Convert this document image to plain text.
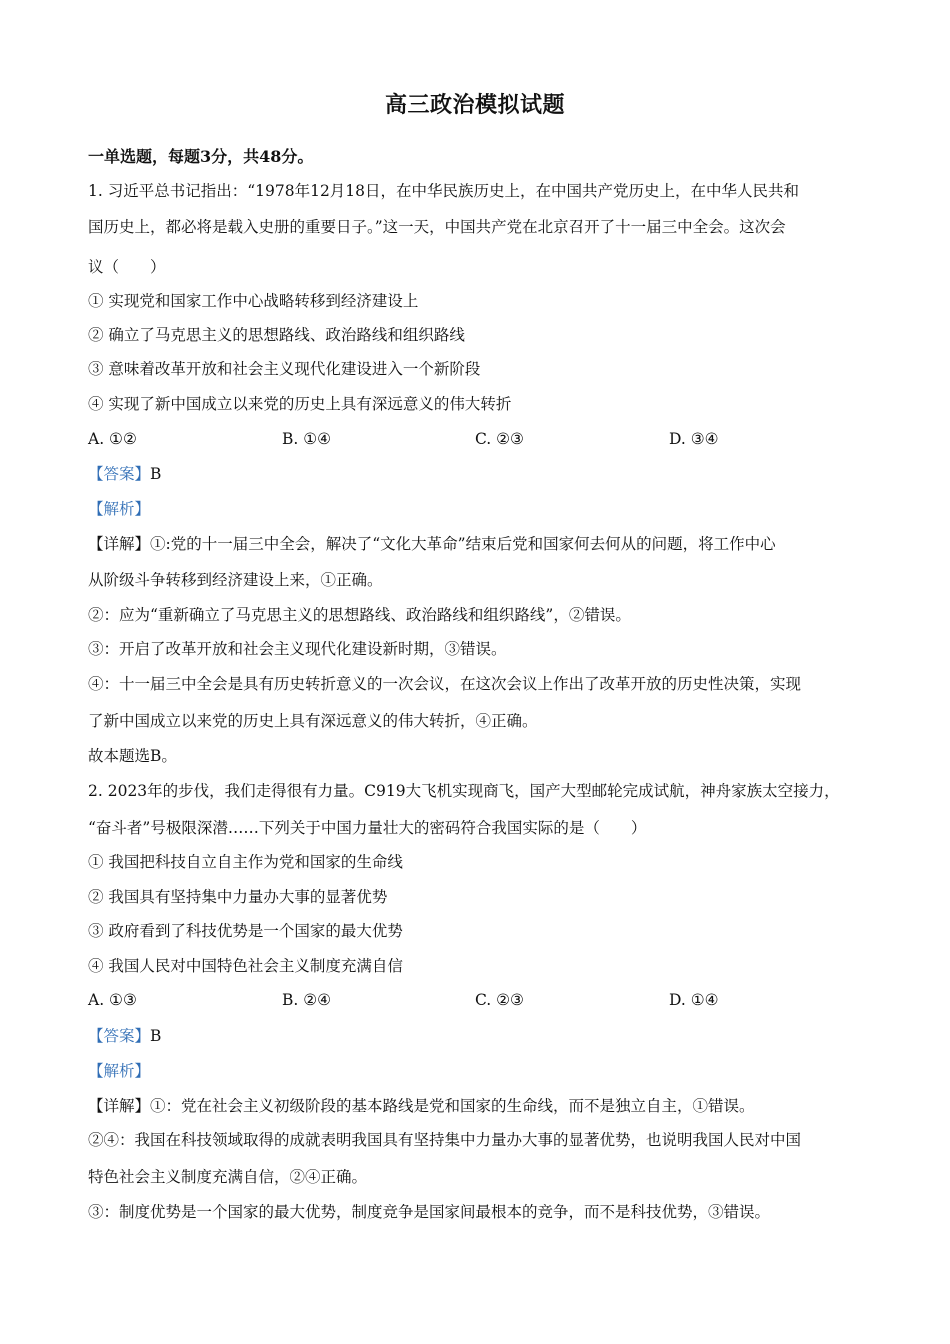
高三政治模拟试题
一单选题，每题3分，共48分。
1. 习近平总书记指出：“1978年12月18日，在中华民族历史上，在中国共产党历史上，在中华人民共和
国历史上，都必将是载入史册的重要日子。”这一天，中国共产党在北京召开了十一届三中全会。这次会
议（　　）
① 实现党和国家工作中心战略转移到经济建设上
② 确立了马克思主义的思想路线、政治路线和组织路线
③ 意味着改革开放和社会主义现代化建设进入一个新阶段
④ 实现了新中国成立以来党的历史上具有深远意义的伟大转折
A. ①②	B. ①④	C. ②③	D. ③④
【答案】B
【解析】
【详解】①:党的十一届三中全会，解决了“文化大革命”结束后党和国家何去何从的问题，将工作中心
从阶级斗争转移到经济建设上来，①正确。
②：应为“重新确立了马克思主义的思想路线、政治路线和组织路线”，②错误。
③：开启了改革开放和社会主义现代化建设新时期，③错误。
④：十一届三中全会是具有历史转折意义的一次会议，在这次会议上作出了改革开放的历史性决策，实现
了新中国成立以来党的历史上具有深远意义的伟大转折，④正确。
故本题选B。
2. 2023年的步伐，我们走得很有力量。C919大飞机实现商飞，国产大型邮轮完成试航，神舟家族太空接力，
“奋斗者”号极限深潜……下列关于中国力量壮大的密码符合我国实际的是（　　）
① 我国把科技自立自主作为党和国家的生命线
② 我国具有坚持集中力量办大事的显著优势
③ 政府看到了科技优势是一个国家的最大优势
④ 我国人民对中国特色社会主义制度充满自信
A. ①③	B. ②④	C. ②③	D. ①④
【答案】B
【解析】
【详解】①：党在社会主义初级阶段的基本路线是党和国家的生命线，而不是独立自主，①错误。
②④：我国在科技领域取得的成就表明我国具有坚持集中力量办大事的显著优势，也说明我国人民对中国
特色社会主义制度充满自信，②④正确。
③：制度优势是一个国家的最大优势，制度竞争是国家间最根本的竞争，而不是科技优势，③错误。
